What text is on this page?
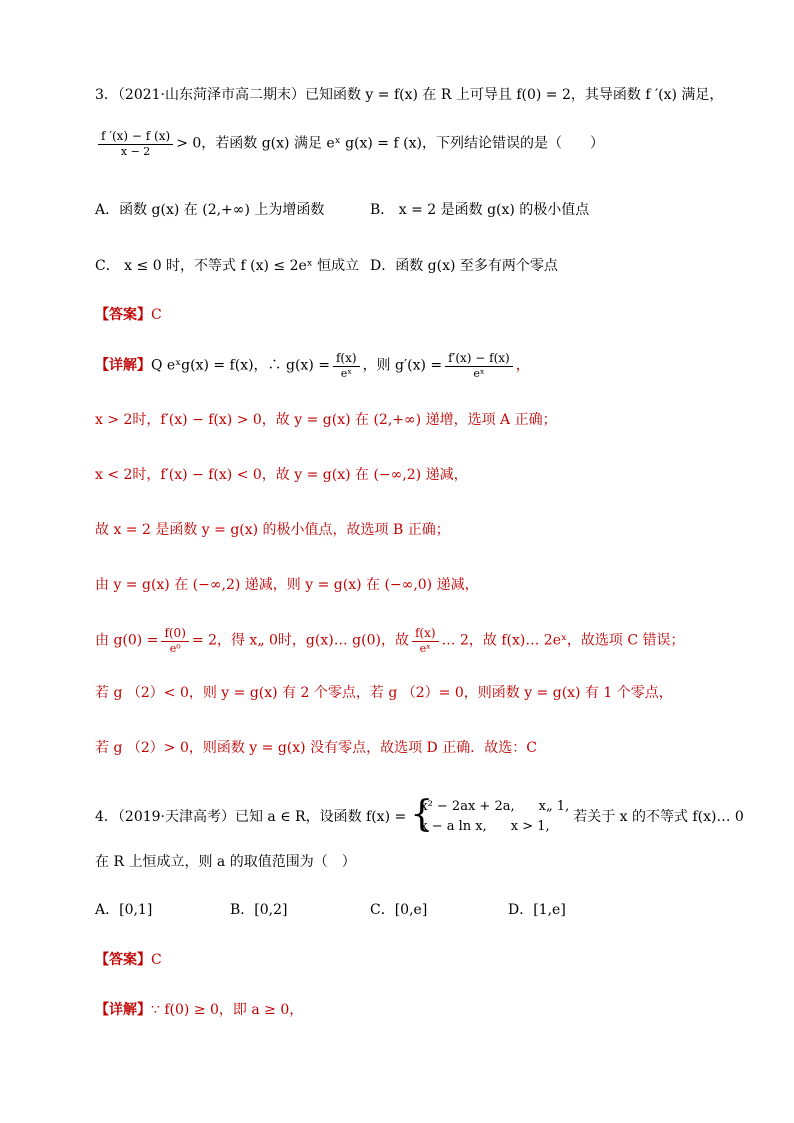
3．（2021·山东菏泽市高二期末）已知函数 y = f(x) 在 R 上可导且 f(0) = 2，其导函数 f ′(x) 满足，
$\frac{f '(x) - f (x)}{x - 2} > 0$，若函数 g(x) 满足 eˣ g(x) = f (x)，下列结论错误的是（　　）
A．函数 g(x) 在 (2,+∞) 上为增函数	B． x = 2 是函数 g(x) 的极小值点
C． x ≤ 0 时，不等式 f (x) ≤ 2eˣ 恒成立 D．函数 g(x) 至多有两个零点
【答案】C
【详解】Q eˣg(x) = f(x)，∴ $g(x) = \frac{f(x)}{\text{eˣ}}$ ，则 $g'(x) = \frac{f'(x) - f(x)}{\text{eˣ}}$ ，
x > 2时，f′(x) − f(x) > 0，故 y = g(x) 在 (2,+∞) 递增，选项 A 正确；
x < 2时，f′(x) − f(x) < 0，故 y = g(x) 在 (−∞,2) 递减，
故 x = 2 是函数 y = g(x) 的极小值点，故选项 B 正确；
由 y = g(x) 在 (−∞,2) 递减，则 y = g(x) 在 (−∞,0) 递减，
由 $g(0) = \frac{f(0)}{\text{e⁰}} = 2$，得 x„ 0时，g(x)… g(0)，故 $\frac{f(x)}{\text{eˣ}}$ … 2，故 f(x)… 2eˣ，故选项 C 错误；
若 g （2）< 0，则 y = g(x) 有 2 个零点，若 g （2）= 0，则函数 y = g(x) 有 1 个零点，
若 g （2）> 0，则函数 y = g(x) 没有零点，故选项 D 正确．故选：C
4．（2019·天津高考）已知 a ∈ R，设函数 f(x) = {
x² − 2ax + 2a, x„ 1,
x − a ln x, x > 1,
若关于 x 的不等式 f(x)… 0
在 R 上恒成立，则 a 的取值范围为（　）
A．[0,1]	B．[0,2]	C．[0,e]	D．[1,e]
【答案】C
【详解】∵ f(0) ≥ 0，即 a ≥ 0，
